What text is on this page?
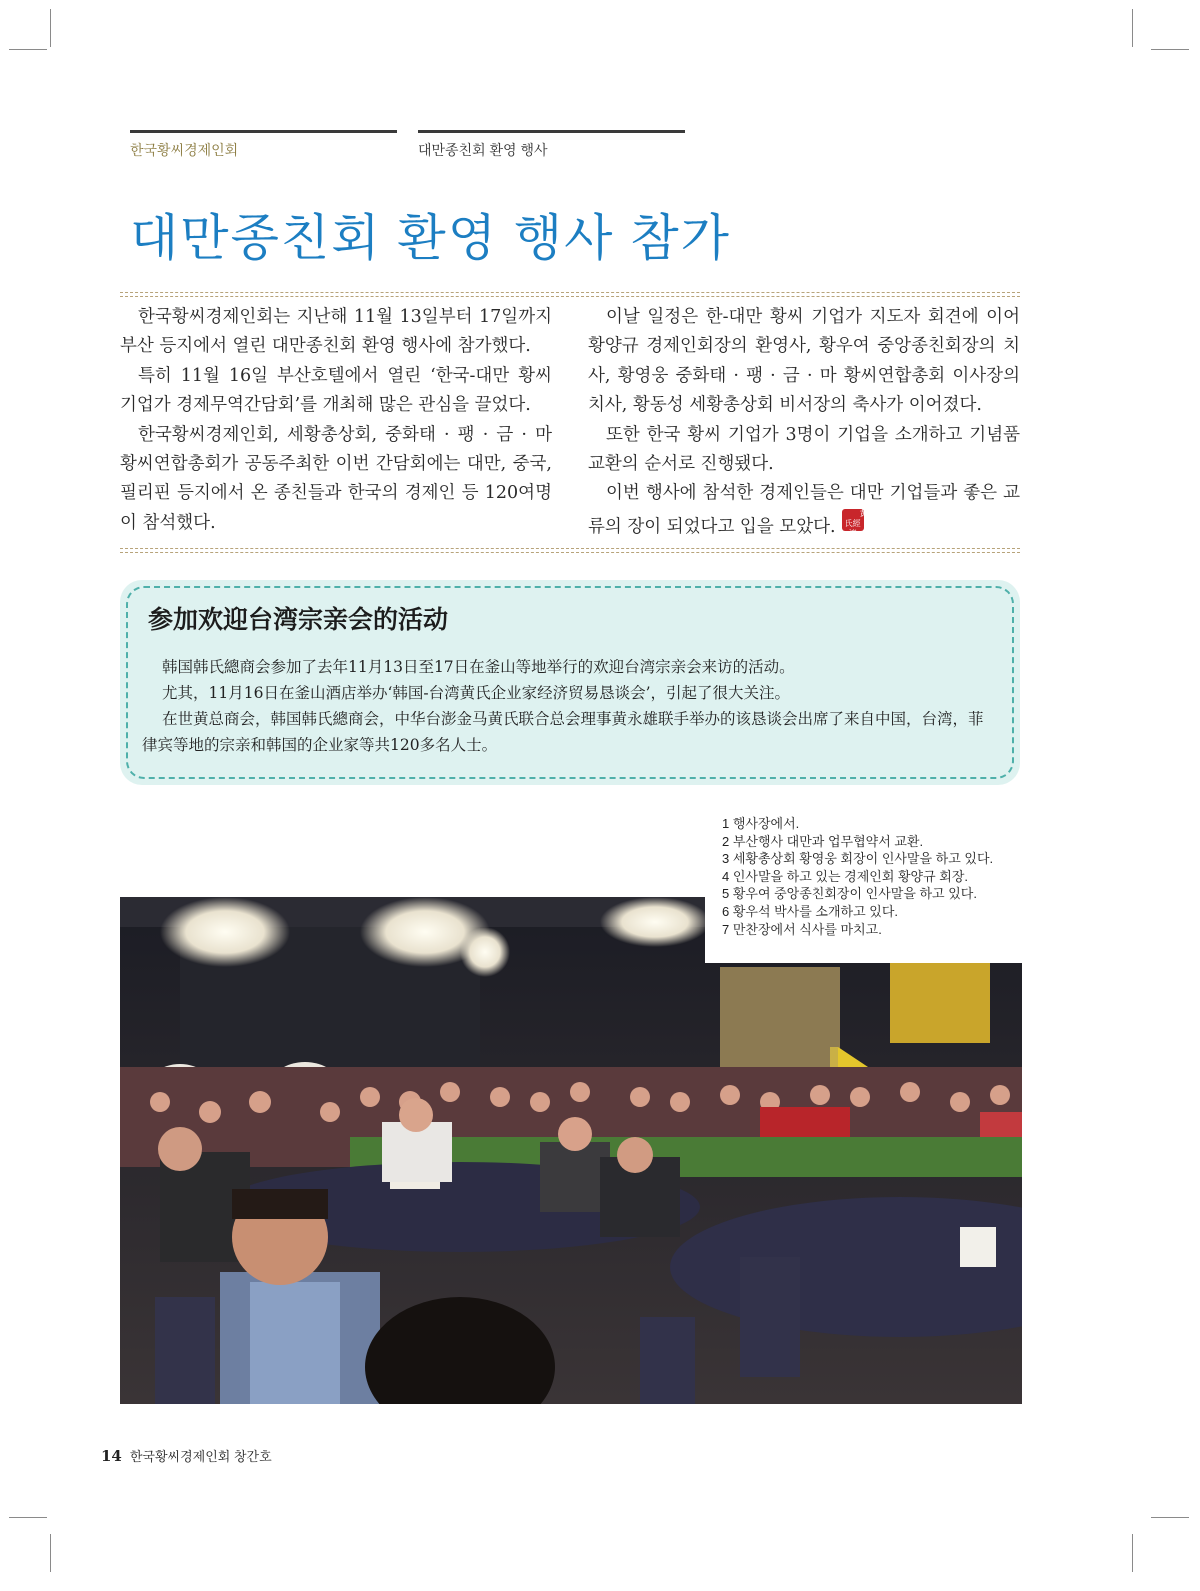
한국황씨경제인회	대만종친회 환영 행사
대만종친회 환영 행사 참가

한국황씨경제인회는 지난해 11월 13일부터 17일까지 부산 등지에서 열린 대만종친회 환영 행사에 참가했다.

특히 11월 16일 부산호텔에서 열린 ‘한국-대만 황씨 기업가 경제무역간담회’를 개최해 많은 관심을 끌었다.

한국황씨경제인회, 세황총상회, 중화태 · 팽 · 금 · 마 황씨연합총회가 공동주최한 이번 간담회에는 대만, 중국, 필리핀 등지에서 온 종친들과 한국의 경제인 등 120여명이 참석했다.

이날 일정은 한-대만 황씨 기업가 지도자 회견에 이어 황양규 경제인회장의 환영사, 황우여 중앙종친회장의 치사, 황영웅 중화태 · 팽 · 금 · 마 황씨연합총회 이사장의 치사, 황동성 세황총상회 비서장의 축사가 이어졌다.

또한 한국 황씨 기업가 3명이 기업을 소개하고 기념품 교환의 순서로 진행됐다.

이번 행사에 참석한 경제인들은 대만 기업들과 좋은 교류의 장이 되었다고 입을 모았다.黃氏經濟

参加欢迎台湾宗亲会的活动

韩国韩氏總商会参加了去年11月13日至17日在釜山等地举行的欢迎台湾宗亲会来访的活动。

尤其，11月16日在釜山酒店举办‘韩国-台湾黄氏企业家经济贸易恳谈会’，引起了很大关注。

在世黄总商会，韩国韩氏總商会，中华台澎金马黄氏联合总会理事黄永雄联手举办的该恳谈会出席了来自中国，台湾，菲律宾等地的宗亲和韩国的企业家等共120多名人士。

1 행사장에서.
2 부산행사 대만과 업무협약서 교환.
3 세황총상회 황영웅 회장이 인사말을 하고 있다.
4 인사말을 하고 있는 경제인회 황양규 회장.
5 황우여 중앙종친회장이 인사말을 하고 있다.
6 황우석 박사를 소개하고 있다.
7 만찬장에서 식사를 마치고.
14 한국황씨경제인회 창간호
